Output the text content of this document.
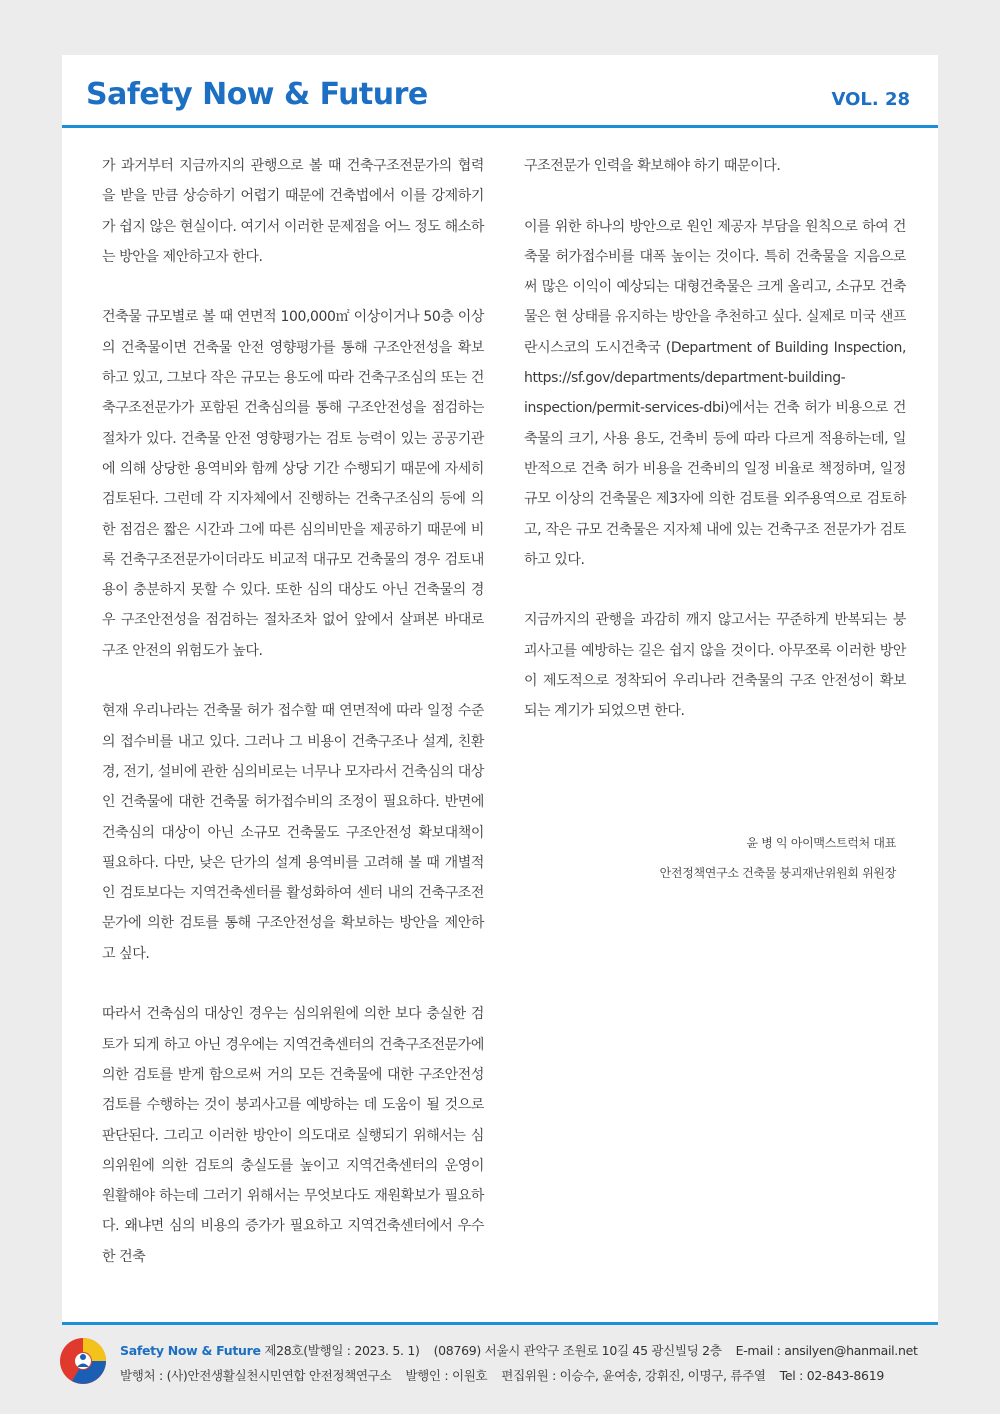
Safety Now & Future	VOL. 28

가 과거부터 지금까지의 관행으로 볼 때 건축구조전문가의 협력을 받을 만큼 상승하기 어렵기 때문에 건축법에서 이를 강제하기가 쉽지 않은 현실이다. 여기서 이러한 문제점을 어느 정도 해소하는 방안을 제안하고자 한다.

건축물 규모별로 볼 때 연면적 100,000㎡ 이상이거나 50층 이상의 건축물이면 건축물 안전 영향평가를 통해 구조안전성을 확보하고 있고, 그보다 작은 규모는 용도에 따라 건축구조심의 또는 건축구조전문가가 포함된 건축심의를 통해 구조안전성을 점검하는 절차가 있다. 건축물 안전 영향평가는 검토 능력이 있는 공공기관에 의해 상당한 용역비와 함께 상당 기간 수행되기 때문에 자세히 검토된다. 그런데 각 지자체에서 진행하는 건축구조심의 등에 의한 점검은 짧은 시간과 그에 따른 심의비만을 제공하기 때문에 비록 건축구조전문가이더라도 비교적 대규모 건축물의 경우 검토내용이 충분하지 못할 수 있다. 또한 심의 대상도 아닌 건축물의 경우 구조안전성을 점검하는 절차조차 없어 앞에서 살펴본 바대로 구조 안전의 위험도가 높다.

현재 우리나라는 건축물 허가 접수할 때 연면적에 따라 일정 수준의 접수비를 내고 있다. 그러나 그 비용이 건축구조나 설계, 친환경, 전기, 설비에 관한 심의비로는 너무나 모자라서 건축심의 대상인 건축물에 대한 건축물 허가접수비의 조정이 필요하다. 반면에 건축심의 대상이 아닌 소규모 건축물도 구조안전성 확보대책이 필요하다. 다만, 낮은 단가의 설계 용역비를 고려해 볼 때 개별적인 검토보다는 지역건축센터를 활성화하여 센터 내의 건축구조전문가에 의한 검토를 통해 구조안전성을 확보하는 방안을 제안하고 싶다.

따라서 건축심의 대상인 경우는 심의위원에 의한 보다 충실한 검토가 되게 하고 아닌 경우에는 지역건축센터의 건축구조전문가에 의한 검토를 받게 함으로써 거의 모든 건축물에 대한 구조안전성 검토를 수행하는 것이 붕괴사고를 예방하는 데 도움이 될 것으로 판단된다. 그리고 이러한 방안이 의도대로 실행되기 위해서는 심의위원에 의한 검토의 충실도를 높이고 지역건축센터의 운영이 원활해야 하는데 그러기 위해서는 무엇보다도 재원확보가 필요하다. 왜냐면 심의 비용의 증가가 필요하고 지역건축센터에서 우수한 건축

구조전문가 인력을 확보해야 하기 때문이다.

이를 위한 하나의 방안으로 원인 제공자 부담을 원칙으로 하여 건축물 허가접수비를 대폭 높이는 것이다. 특히 건축물을 지음으로써 많은 이익이 예상되는 대형건축물은 크게 올리고, 소규모 건축물은 현 상태를 유지하는 방안을 추천하고 싶다. 실제로 미국 샌프란시스코의 도시건축국 (Department of Building Inspection, https://sf.gov/departments/department-building-inspection/permit-services-dbi)에서는 건축 허가 비용으로 건축물의 크기, 사용 용도, 건축비 등에 따라 다르게 적용하는데, 일반적으로 건축 허가 비용을 건축비의 일정 비율로 책정하며, 일정 규모 이상의 건축물은 제3자에 의한 검토를 외주용역으로 검토하고, 작은 규모 건축물은 지자체 내에 있는 건축구조 전문가가 검토하고 있다.

지금까지의 관행을 과감히 깨지 않고서는 꾸준하게 반복되는 붕괴사고를 예방하는 길은 쉽지 않을 것이다. 아무쪼록 이러한 방안이 제도적으로 정착되어 우리나라 건축물의 구조 안전성이 확보되는 계기가 되었으면 한다.

윤 병 익 아이맥스트럭처 대표
안전정책연구소 건축물 붕괴재난위원회 위원장
Safety Now & Future 제28호(발행일 : 2023. 5. 1) (08769) 서울시 관악구 조원로 10길 45 광신빌딩 2층 E-mail : ansilyen@hanmail.net
발행처 : (사)안전생활실천시민연합 안전정책연구소 발행인 : 이원호 편집위원 : 이승수, 윤여송, 강휘진, 이명구, 류주열 Tel : 02-843-8619
